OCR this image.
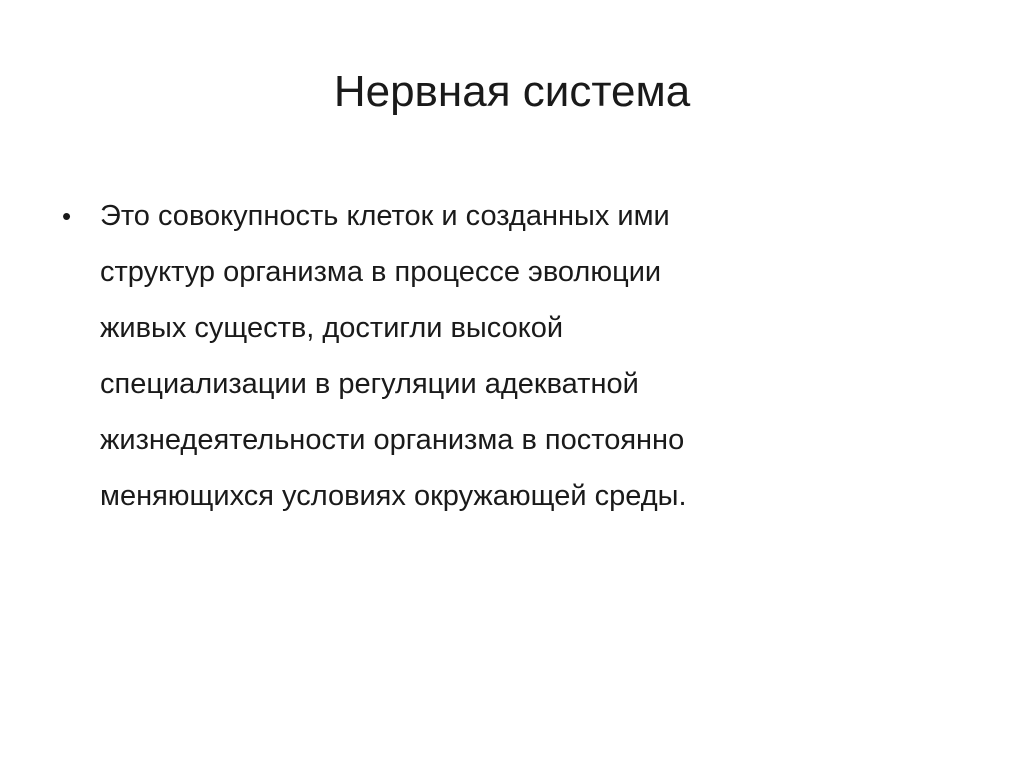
Нервная система
• Это совокупность клеток и созданных ими
структур организма в процессе эволюции
живых существ, достигли высокой
специализации в регуляции адекватной
жизнедеятельности организма в постоянно
меняющихся условиях окружающей среды.
